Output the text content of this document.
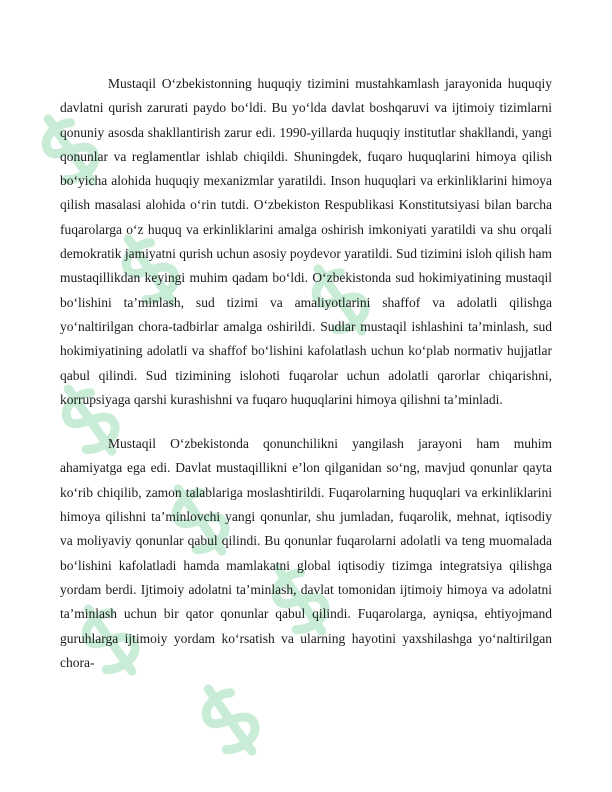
Mustaqil O‘zbekistonning huquqiy tizimini mustahkamlash jarayonida huquqiy davlatni qurish zarurati paydo bo‘ldi. Bu yo‘lda davlat boshqaruvi va ijtimoiy tizimlarni qonuniy asosda shakllantirish zarur edi. 1990-yillarda huquqiy institutlar shakllandi, yangi qonunlar va reglamentlar ishlab chiqildi. Shuningdek, fuqaro huquqlarini himoya qilish bo‘yicha alohida huquqiy mexanizmlar yaratildi. Inson huquqlari va erkinliklarini himoya qilish masalasi alohida o‘rin tutdi. O‘zbekiston Respublikasi Konstitutsiyasi bilan barcha fuqarolarga o‘z huquq va erkinliklarini amalga oshirish imkoniyati yaratildi va shu orqali demokratik jamiyatni qurish uchun asosiy poydevor yaratildi. Sud tizimini isloh qilish ham mustaqillikdan keyingi muhim qadam bo‘ldi. O‘zbekistonda sud hokimiyatining mustaqil bo‘lishini ta’minlash, sud tizimi va amaliyotlarini shaffof va adolatli qilishga yo‘naltirilgan chora-tadbirlar amalga oshirildi. Sudlar mustaqil ishlashini ta’minlash, sud hokimiyatining adolatli va shaffof bo‘lishini kafolatlash uchun ko‘plab normativ hujjatlar qabul qilindi. Sud tizimining islohoti fuqarolar uchun adolatli qarorlar chiqarishni, korrupsiyaga qarshi kurashishni va fuqaro huquqlarini himoya qilishni ta’minladi.

Mustaqil O‘zbekistonda qonunchilikni yangilash jarayoni ham muhim ahamiyatga ega edi. Davlat mustaqillikni e’lon qilganidan so‘ng, mavjud qonunlar qayta ko‘rib chiqilib, zamon talablariga moslashtirildi. Fuqarolarning huquqlari va erkinliklarini himoya qilishni ta’minlovchi yangi qonunlar, shu jumladan, fuqarolik, mehnat, iqtisodiy va moliyaviy qonunlar qabul qilindi. Bu qonunlar fuqarolarni adolatli va teng muomalada bo‘lishini kafolatladi hamda mamlakatni global iqtisodiy tizimga integratsiya qilishga yordam berdi. Ijtimoiy adolatni ta’minlash, davlat tomonidan ijtimoiy himoya va adolatni ta’minlash uchun bir qator qonunlar qabul qilindi. Fuqarolarga, ayniqsa, ehtiyojmand guruhlarga ijtimoiy yordam ko‘rsatish va ularning hayotini yaxshilashga yo‘naltirilgan chora-
